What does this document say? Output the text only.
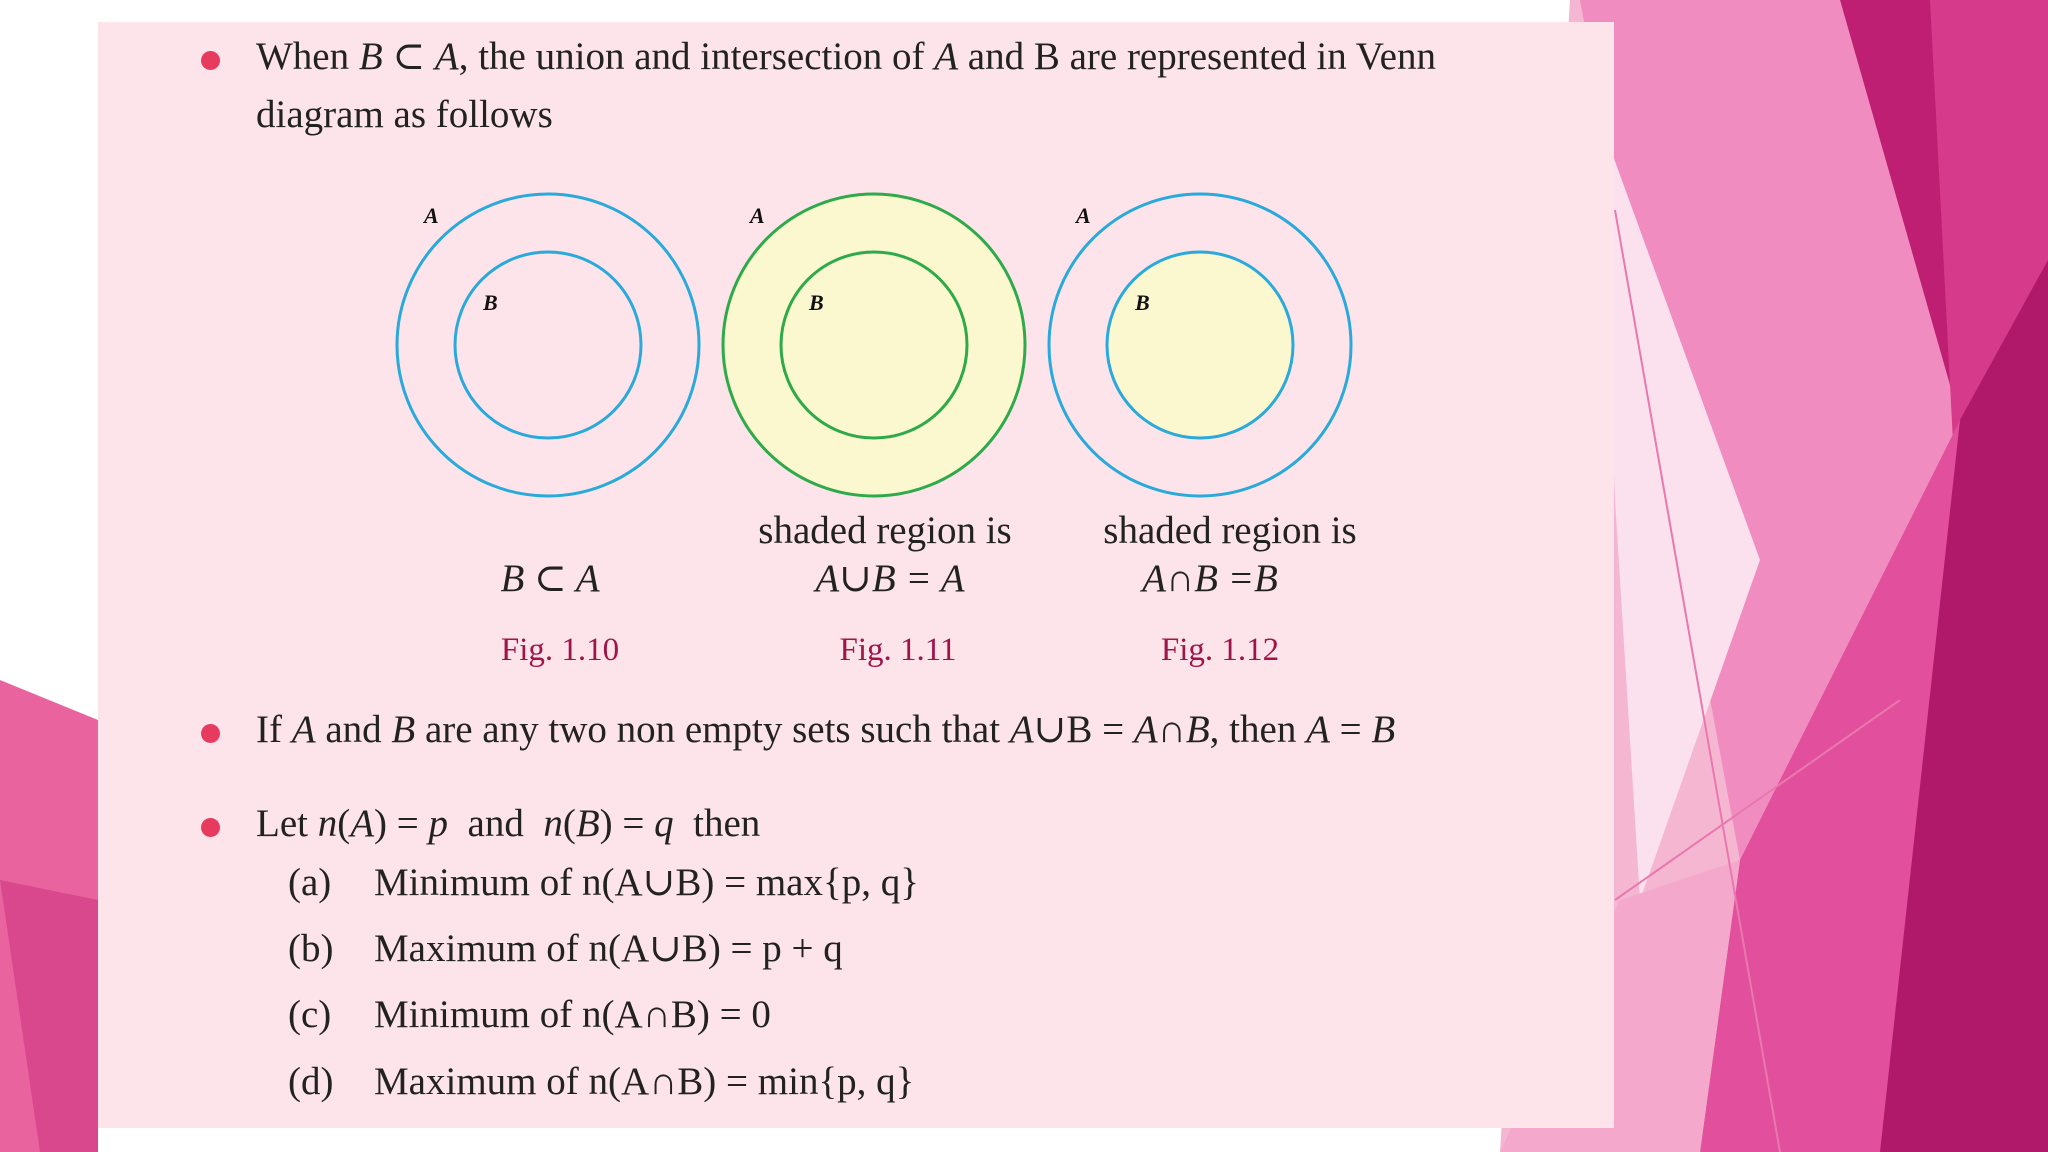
When B ⊂ A, the union and intersection of A and B are represented in Venn
diagram as follows
A
B
A
B
A
B
B ⊂ A
Fig. 1.10
shaded region is
A∪B = A
Fig. 1.11
shaded region is
A∩B =B
Fig. 1.12
If A and B are any two non empty sets such that A∪B = A∩B, then A = B
Let n(A) = p  and  n(B) = q  then
(a) Minimum of n(A∪B) = max{p, q}
(b) Maximum of n(A∪B) = p + q
(c) Minimum of n(A∩B) = 0
(d) Maximum of n(A∩B) = min{p, q}
